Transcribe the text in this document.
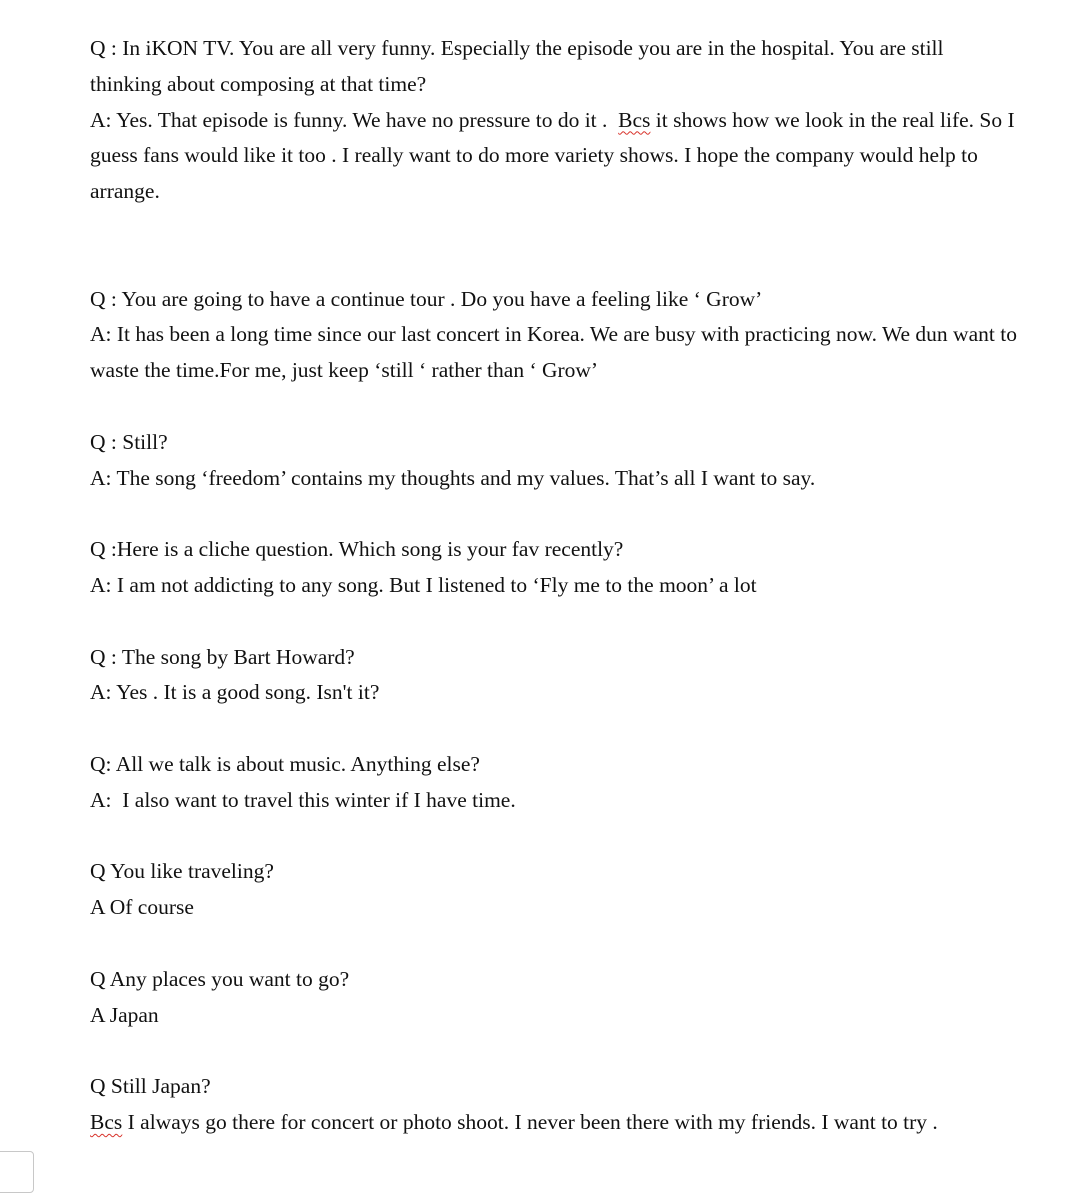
Q : In iKON TV. You are all very funny. Especially the episode you are in the hospital. You are still thinking about composing at that time?
A: Yes. That episode is funny. We have no pressure to do it .  Bcs it shows how we look in the real life. So I guess fans would like it too . I really want to do more variety shows. I hope the company would help to arrange.
Q : You are going to have a continue tour . Do you have a feeling like ‘ Grow’
A: It has been a long time since our last concert in Korea. We are busy with practicing now. We dun want to waste the time.For me, just keep ‘still ‘ rather than ‘ Grow’
Q : Still?
A: The song ‘freedom’ contains my thoughts and my values. That’s all I want to say.
Q :Here is a cliche question. Which song is your fav recently?
A: I am not addicting to any song. But I listened to ‘Fly me to the moon’ a lot
Q : The song by Bart Howard?
A: Yes . It is a good song. Isn't it?
Q: All we talk is about music. Anything else?
A:  I also want to travel this winter if I have time.
Q You like traveling?
A Of course
Q Any places you want to go?
A Japan
Q Still Japan?
Bcs I always go there for concert or photo shoot. I never been there with my friends. I want to try .
